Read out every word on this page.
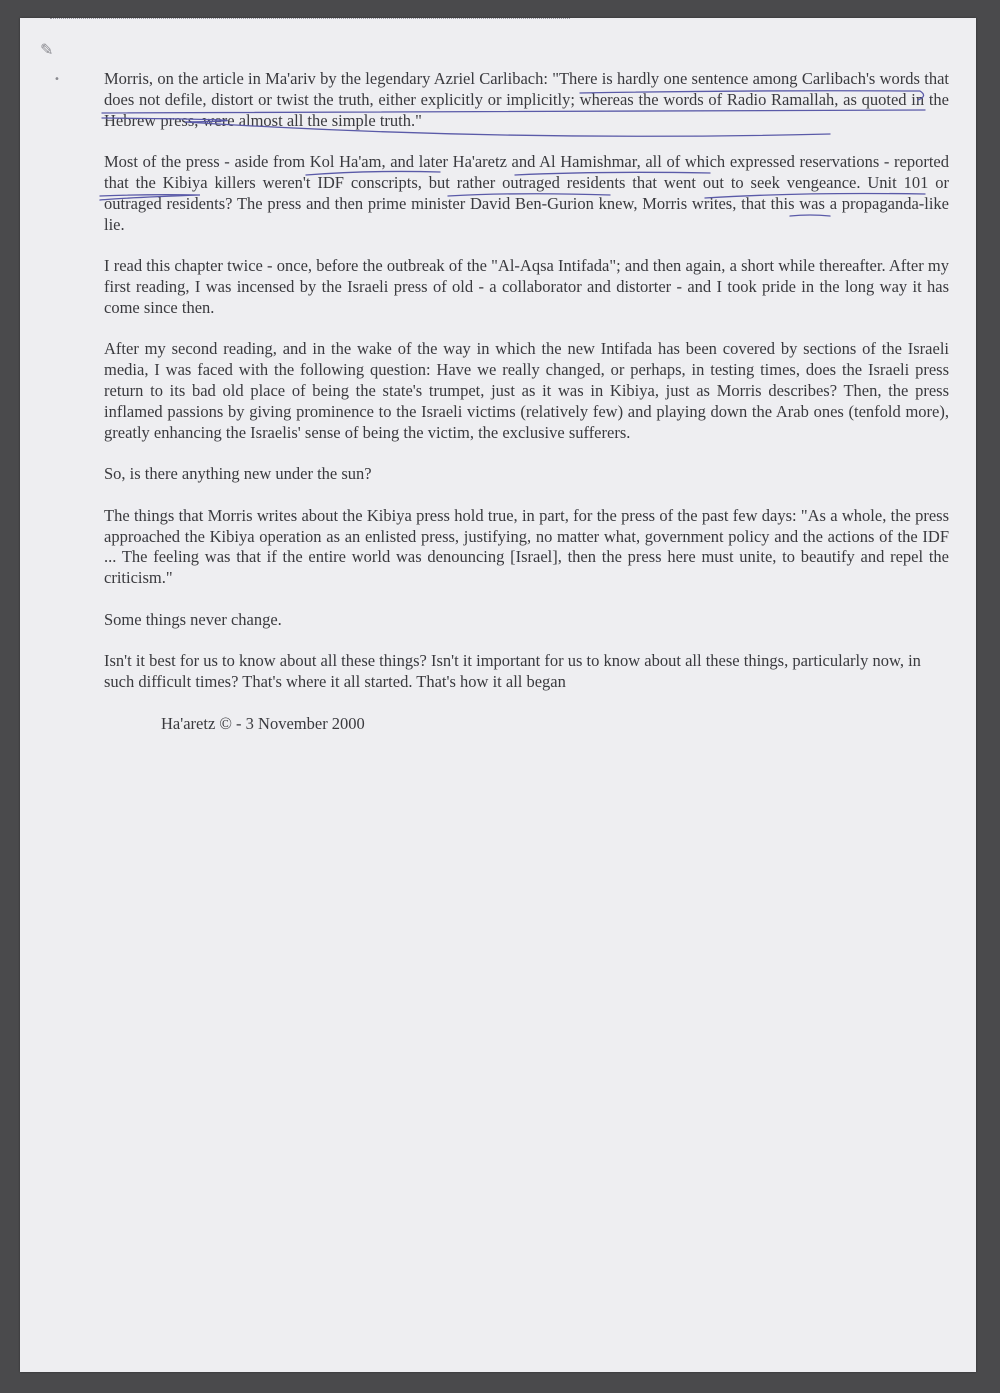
✎
•	Morris, on the article in Ma'ariv by the legendary Azriel Carlibach: "There is hardly one sentence among Carlibach's words that does not defile, distort or twist the truth, either explicitly or implicitly; whereas the words of Radio Ramallah, as quoted in the Hebrew press, were almost all the simple truth."

Most of the press - aside from Kol Ha'am, and later Ha'aretz and Al Hamishmar, all of which expressed reservations - reported that the Kibiya killers weren't IDF conscripts, but rather outraged residents that went out to seek vengeance. Unit 101 or outraged residents? The press and then prime minister David Ben-Gurion knew, Morris writes, that this was a propaganda-like lie.

I read this chapter twice - once, before the outbreak of the "Al-Aqsa Intifada"; and then again, a short while thereafter. After my first reading, I was incensed by the Israeli press of old - a collaborator and distorter - and I took pride in the long way it has come since then.

After my second reading, and in the wake of the way in which the new Intifada has been covered by sections of the Israeli media, I was faced with the following question: Have we really changed, or perhaps, in testing times, does the Israeli press return to its bad old place of being the state's trumpet, just as it was in Kibiya, just as Morris describes? Then, the press inflamed passions by giving prominence to the Israeli victims (relatively few) and playing down the Arab ones (tenfold more), greatly enhancing the Israelis' sense of being the victim, the exclusive sufferers.

So, is there anything new under the sun?

The things that Morris writes about the Kibiya press hold true, in part, for the press of the past few days: "As a whole, the press approached the Kibiya operation as an enlisted press, justifying, no matter what, government policy and the actions of the IDF ... The feeling was that if the entire world was denouncing [Israel], then the press here must unite, to beautify and repel the criticism."

Some things never change.

Isn't it best for us to know about all these things? Isn't it important for us to know about all these things, particularly now, in such difficult times? That's where it all started. That's how it all began

Ha'aretz © - 3 November 2000
